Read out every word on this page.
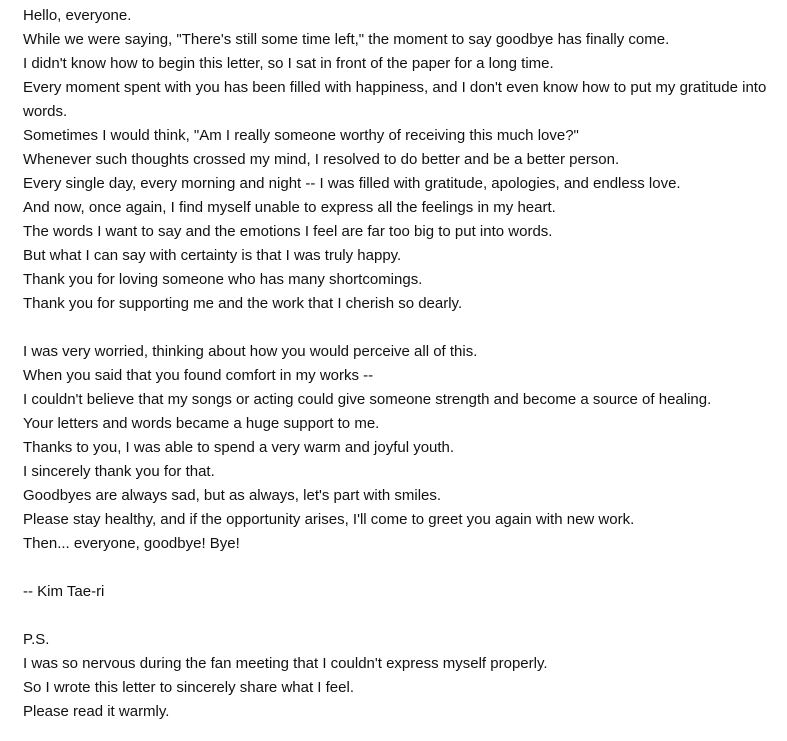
Hello, everyone.
While we were saying, "There's still some time left," the moment to say goodbye has finally come.
I didn't know how to begin this letter, so I sat in front of the paper for a long time.
Every moment spent with you has been filled with happiness, and I don't even know how to put my gratitude into words.
Sometimes I would think, "Am I really someone worthy of receiving this much love?"
Whenever such thoughts crossed my mind, I resolved to do better and be a better person.
Every single day, every morning and night -- I was filled with gratitude, apologies, and endless love.
And now, once again, I find myself unable to express all the feelings in my heart.
The words I want to say and the emotions I feel are far too big to put into words.
But what I can say with certainty is that I was truly happy.
Thank you for loving someone who has many shortcomings.
Thank you for supporting me and the work that I cherish so dearly.
I was very worried, thinking about how you would perceive all of this.
When you said that you found comfort in my works --
I couldn't believe that my songs or acting could give someone strength and become a source of healing.
Your letters and words became a huge support to me.
Thanks to you, I was able to spend a very warm and joyful youth.
I sincerely thank you for that.
Goodbyes are always sad, but as always, let's part with smiles.
Please stay healthy, and if the opportunity arises, I'll come to greet you again with new work.
Then... everyone, goodbye! Bye!
-- Kim Tae-ri
P.S.
I was so nervous during the fan meeting that I couldn't express myself properly.
So I wrote this letter to sincerely share what I feel.
Please read it warmly.
